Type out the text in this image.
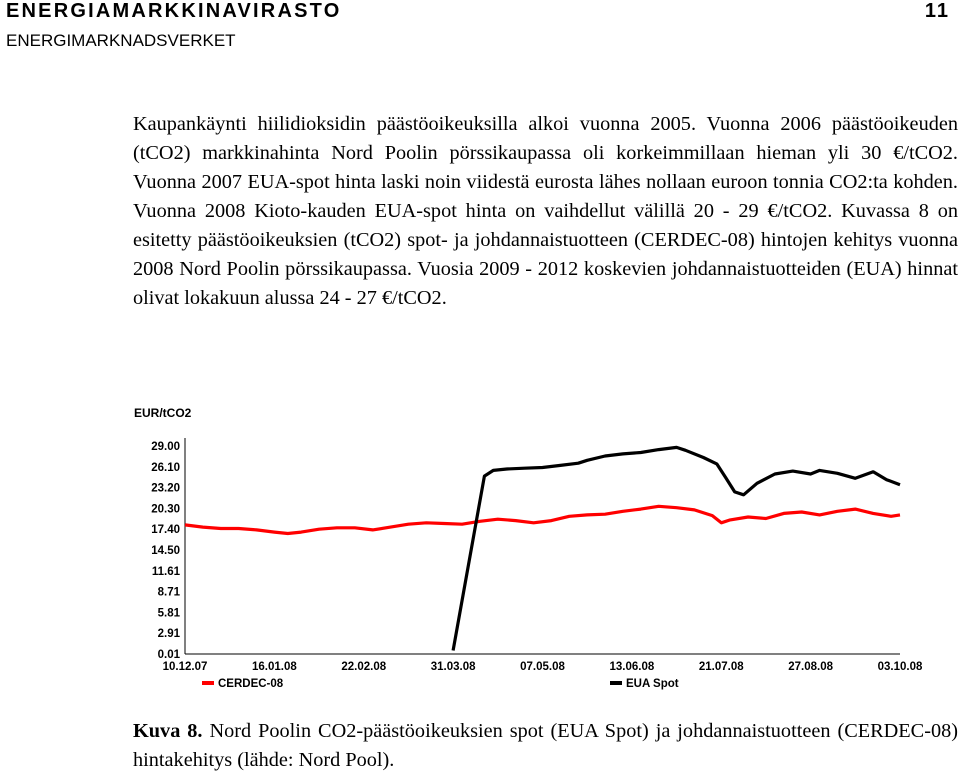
ENERGIAMARKKINAVIRASTO	11
ENERGIMARKNADSVERKET

Kaupankäynti hiilidioksidin päästöoikeuksilla alkoi vuonna 2005. Vuonna 2006 päästöoikeuden (tCO2) markkinahinta Nord Poolin pörssikaupassa oli korkeimmillaan hieman yli 30 €/tCO2. Vuonna 2007 EUA-spot hinta laski noin viidestä eurosta lähes nollaan euroon tonnia CO2:ta kohden. Vuonna 2008 Kioto-kauden EUA-spot hinta on vaihdellut välillä 20 - 29 €/tCO2. Kuvassa 8 on esitetty päästöoikeuksien (tCO2) spot- ja johdannaistuotteen (CERDEC-08) hintojen kehitys vuonna 2008 Nord Poolin pörssikaupassa. Vuosia 2009 - 2012 koskevien johdannaistuotteiden (EUA) hinnat olivat lokakuun alussa 24 - 27 €/tCO2.

EUR/tCO2
29.00
26.10
23.20
20.30
17.40
14.50
11.61
8.71
5.81
2.91
0.01
10.12.07	16.01.08	22.02.08	31.03.08	07.05.08	13.06.08	21.07.08	27.08.08	03.10.08
CERDEC-08	EUA Spot

Kuva 8. Nord Poolin CO2-päästöoikeuksien spot (EUA Spot) ja johdannaistuotteen (CERDEC-08) hintakehitys (lähde: Nord Pool).
